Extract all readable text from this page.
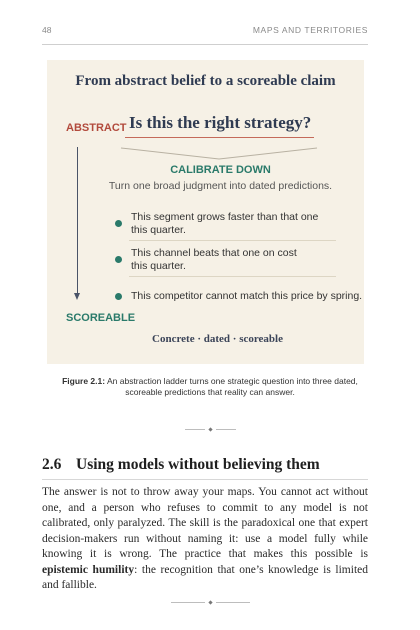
48	MAPS AND TERRITORIES
From abstract belief to a scoreable claim
ABSTRACT Is this the right strategy?
CALIBRATE DOWN
Turn one broad judgment into dated predictions.
This segment grows faster than that one
this quarter.
This channel beats that one on cost
this quarter.
This competitor cannot match this price by spring.
SCOREABLE
Concrete · dated · scoreable
Figure 2.1: An abstraction ladder turns one strategic question into three dated, scoreable predictions that reality can answer.
2.6 Using models without believing them
The answer is not to throw away your maps. You cannot act without one, and a person who refuses to commit to any model is not calibrated, only paralyzed. The skill is the paradoxical one that expert decision-makers run without naming it: use a model fully while knowing it is wrong. The practice that makes this possible is epistemic humility: the recognition that one’s knowledge is limited and fallible.
